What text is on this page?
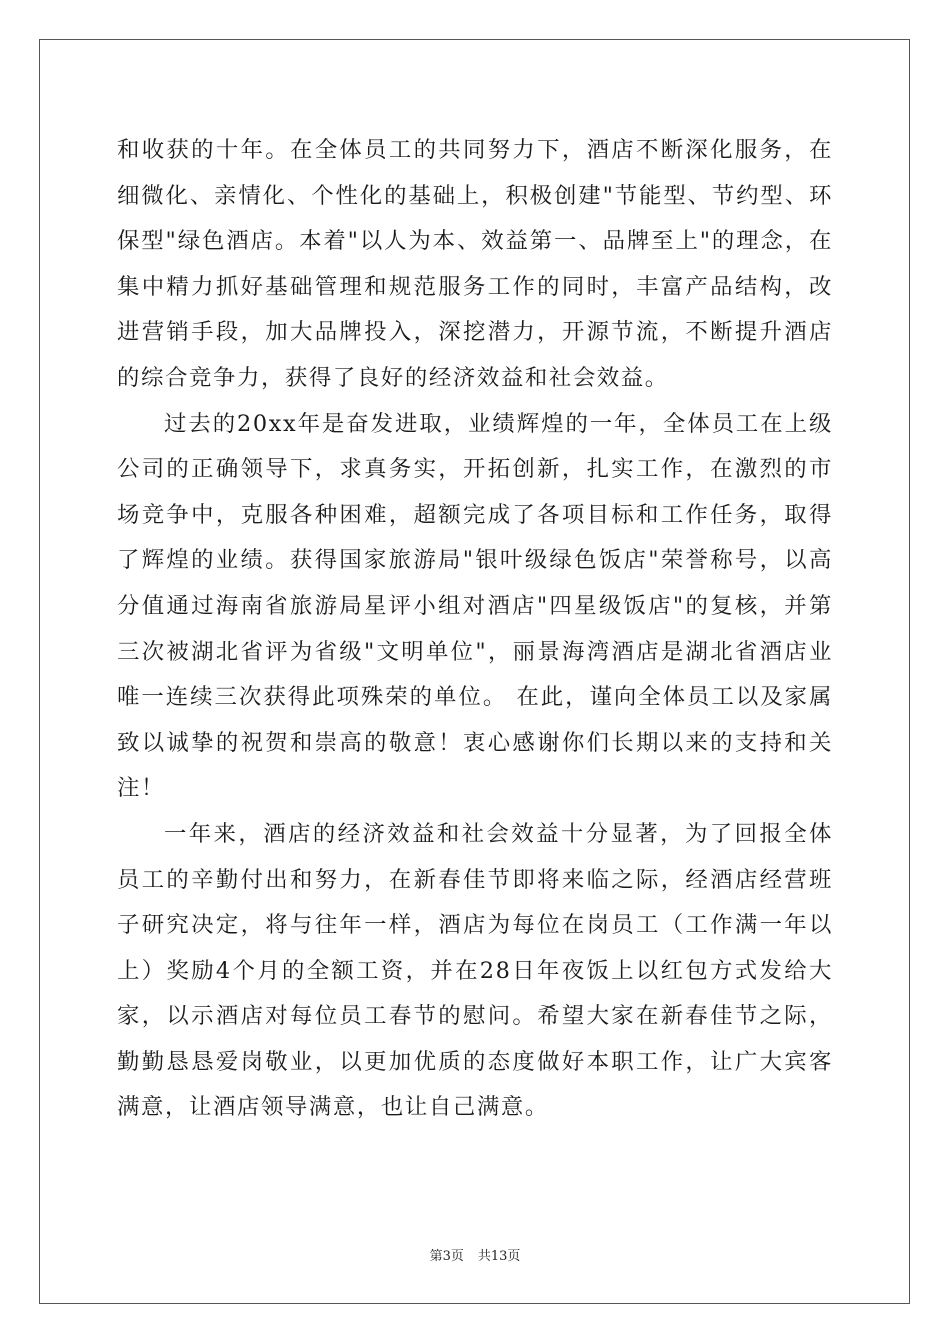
和收获的十年。在全体员工的共同努力下，酒店不断深化服务，在细微化、亲情化、个性化的基础上，积极创建"节能型、节约型、环保型"绿色酒店。本着"以人为本、效益第一、品牌至上"的理念，在集中精力抓好基础管理和规范服务工作的同时，丰富产品结构，改进营销手段，加大品牌投入，深挖潜力，开源节流，不断提升酒店的综合竞争力，获得了良好的经济效益和社会效益。

过去的20xx年是奋发进取，业绩辉煌的一年，全体员工在上级公司的正确领导下，求真务实，开拓创新，扎实工作，在激烈的市场竞争中，克服各种困难，超额完成了各项目标和工作任务，取得了辉煌的业绩。获得国家旅游局"银叶级绿色饭店"荣誉称号，以高分值通过海南省旅游局星评小组对酒店"四星级饭店"的复核，并第三次被湖北省评为省级"文明单位"，丽景海湾酒店是湖北省酒店业唯一连续三次获得此项殊荣的单位。 在此，谨向全体员工以及家属致以诚挚的祝贺和崇高的敬意！衷心感谢你们长期以来的支持和关注！

一年来，酒店的经济效益和社会效益十分显著，为了回报全体员工的辛勤付出和努力，在新春佳节即将来临之际，经酒店经营班子研究决定，将与往年一样，酒店为每位在岗员工（工作满一年以上）奖励4个月的全额工资，并在28日年夜饭上以红包方式发给大家，以示酒店对每位员工春节的慰问。希望大家在新春佳节之际，勤勤恳恳爱岗敬业，以更加优质的态度做好本职工作，让广大宾客满意，让酒店领导满意，也让自己满意。

第3页 共13页
